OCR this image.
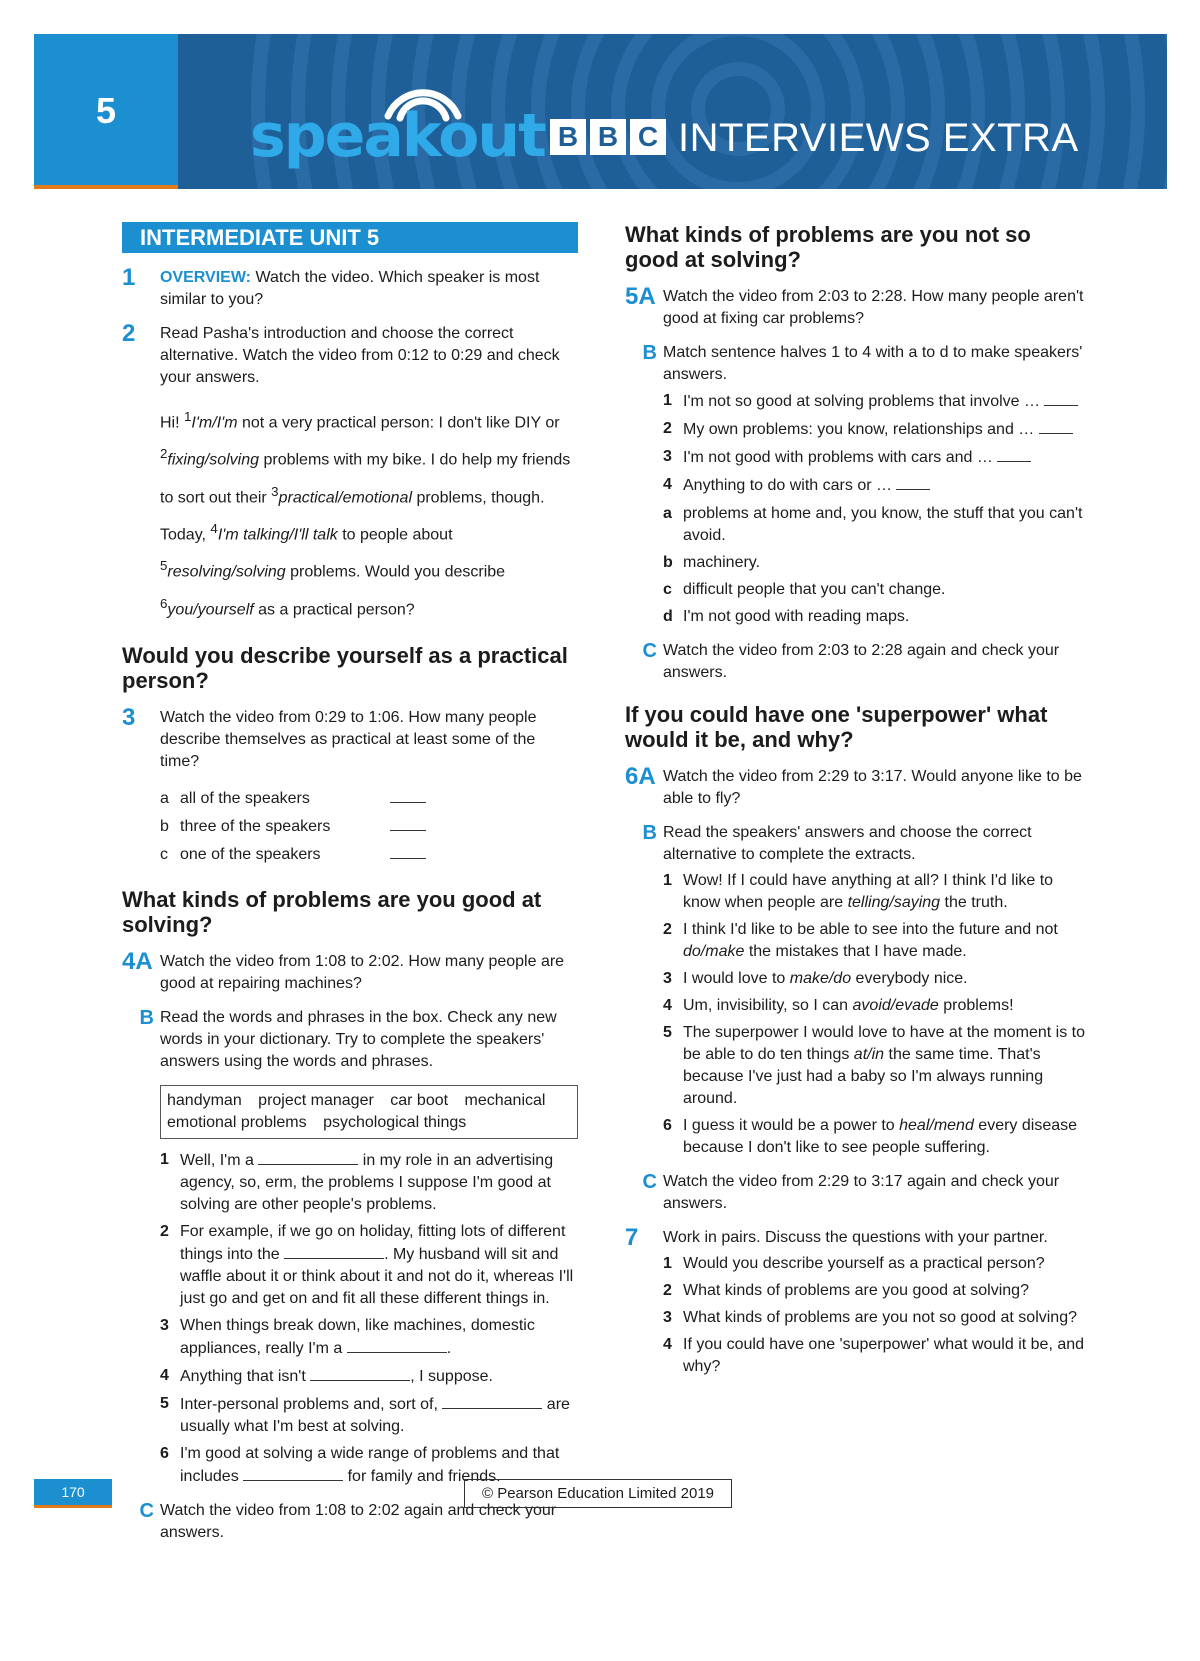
5	speakout B B C INTERVIEWS EXTRA
INTERMEDIATE UNIT 5
1	OVERVIEW: Watch the video. Which speaker is most similar to you?
2	Read Pasha's introduction and choose the correct alternative. Watch the video from 0:12 to 0:29 and check your answers.
Hi! $^1$I'm/I'm not a very practical person: I don't like DIY or $^2$fixing/solving problems with my bike. I do help my friends to sort out their $^3$practical/emotional problems, though. Today, $^4$I'm talking/I'll talk to people about $^5$resolving/solving problems. Would you describe $^6$you/yourself as a practical person?
Would you describe yourself as a practical person?
3	Watch the video from 0:29 to 1:06. How many people describe themselves as practical at least some of the time?
a all of the speakers
b three of the speakers
c one of the speakers
What kinds of problems are you good at solving?
4A Watch the video from 1:08 to 2:02. How many people are good at repairing machines?
B Read the words and phrases in the box. Check any new words in your dictionary. Try to complete the speakers' answers using the words and phrases.
handyman project manager car boot mechanical
emotional problems psychological things
1 Well, I'm a	in my role in an advertising agency, so, erm, the problems I suppose I'm good at solving are other people's problems.
2 For example, if we go on holiday, fitting lots of different things into the	. My husband will sit and waffle about it or think about it and not do it, whereas I'll just go and get on and fit all these different things in.
3 When things break down, like machines, domestic appliances, really I'm a	.
4 Anything that isn't	, I suppose.
5 Inter-personal problems and, sort of,	are usually what I'm best at solving.
6 I'm good at solving a wide range of problems and that includes	for family and friends.
C Watch the video from 1:08 to 2:02 again and check your answers.
What kinds of problems are you not so good at solving?
5A Watch the video from 2:03 to 2:28. How many people aren't good at fixing car problems?
B Match sentence halves 1 to 4 with a to d to make speakers' answers.
1 I'm not so good at solving problems that involve …
2 My own problems: you know, relationships and …
3 I'm not good with problems with cars and …
4 Anything to do with cars or …
a problems at home and, you know, the stuff that you can't avoid.
b machinery.
c difficult people that you can't change.
d I'm not good with reading maps.
C Watch the video from 2:03 to 2:28 again and check your answers.
If you could have one 'superpower' what would it be, and why?
6A Watch the video from 2:29 to 3:17. Would anyone like to be able to fly?
B Read the speakers' answers and choose the correct alternative to complete the extracts.
1 Wow! If I could have anything at all? I think I'd like to know when people are telling/saying the truth.
2 I think I'd like to be able to see into the future and not do/make the mistakes that I have made.
3 I would love to make/do everybody nice.
4 Um, invisibility, so I can avoid/evade problems!
5 The superpower I would love to have at the moment is to be able to do ten things at/in the same time. That's because I've just had a baby so I'm always running around.
6 I guess it would be a power to heal/mend every disease because I don't like to see people suffering.
C Watch the video from 2:29 to 3:17 again and check your answers.
7	Work in pairs. Discuss the questions with your partner.
1 Would you describe yourself as a practical person?
2 What kinds of problems are you good at solving?
3 What kinds of problems are you not so good at solving?
4 If you could have one 'superpower' what would it be, and why?
170	© Pearson Education Limited 2019
